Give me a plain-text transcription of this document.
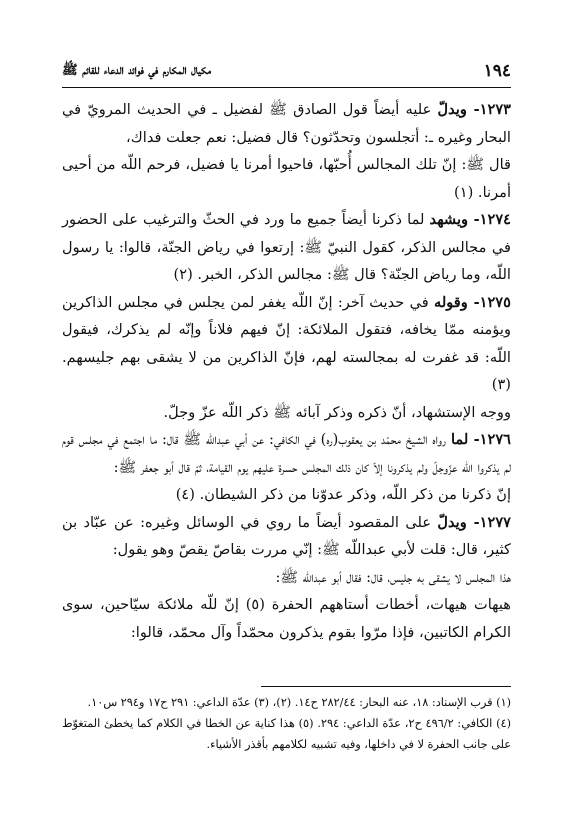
١٩٤
مكيال المكارم في فوائد الدعاء للقائم ﷺ

١٢٧٣- ويدلّ عليه أيضاً قول الصادق ﷺ لفضيل ـ في الحديث المرويّ في البحار وغيره ـ: أتجلسون وتحدّثون؟ قال فضيل: نعم جعلت فداك،

قال ﷺ: إنّ تلك المجالس أُحبّها، فاحيوا أمرنا يا فضيل، فرحم اللّه من أحيى أمرنا. (١)

١٢٧٤- ويشهد لما ذكرنا أيضاً جميع ما ورد في الحثّ والترغيب على الحضور في مجالس الذكر، كقول النبيّ ﷺ: إرتعوا في رياض الجنّة، قالوا: يا رسول اللّه، وما رياض الجنّة؟ قال ﷺ: مجالس الذكر، الخبر. (٢)

١٢٧٥- وقوله في حديث آخر: إنّ اللّه يغفر لمن يجلس في مجلس الذاكرين ويؤمنه ممّا يخافه، فتقول الملائكة: إنّ فيهم فلاناً وإنّه لم يذكرك، فيقول اللّه: قد غفرت له بمجالسته لهم، فإنّ الذاكرين من لا يشقى بهم جليسهم. (٣)

ووجه الإستشهاد، أنّ ذكره وذكر آبائه ﷺ ذكر اللّه عزّ وجلّ.

١٢٧٦- لما رواه الشيخ محمّد بن يعقوب(ره) في الكافي: عن أبي عبداللّه ﷺ قال: ما اجتمع في مجلس قوم لم يذكروا اللّه عزّوجلّ ولم يذكرونا إلاّ كان ذلك المجلس حسرة عليهم يوم القيامة، ثمّ قال أبو جعفر ﷺ:

إنّ ذكرنا من ذكر اللّه، وذكر عدوّنا من ذكر الشيطان. (٤)

١٢٧٧- ويدلّ على المقصود أيضاً ما روي في الوسائل وغيره: عن عبّاد بن كثير، قال: قلت لأبي عبداللّه ﷺ: إنّي مررت بقاصّ يقصّ وهو يقول:

هذا المجلس لا يشقى به جليس، قال: فقال أبو عبداللّه ﷺ:

هيهات هيهات، أخطات أستاههم الحفرة (٥) إنّ للّه ملائكة سيّاحين، سوى الكرام الكاتبين، فإذا مرّوا بقوم يذكرون محمّداً وآل محمّد، قالوا:

(١) قرب الإسناد: ١٨، عنه البحار: ٢٨٢/٤٤ ح١٤. (٢)، (٣) عدّة الداعي: ٢٩١ ح١٧ و٢٩٤ س١٠.

(٤) الكافي: ٤٩٦/٢ ح٢، عدّة الداعي: ٢٩٤. (٥) هذا كناية عن الخطا في الكلام كما يخطئ المتغوّط على جانب الحفرة لا في داخلها، وفيه تشبيه لكلامهم بأقذر الأشياء.
